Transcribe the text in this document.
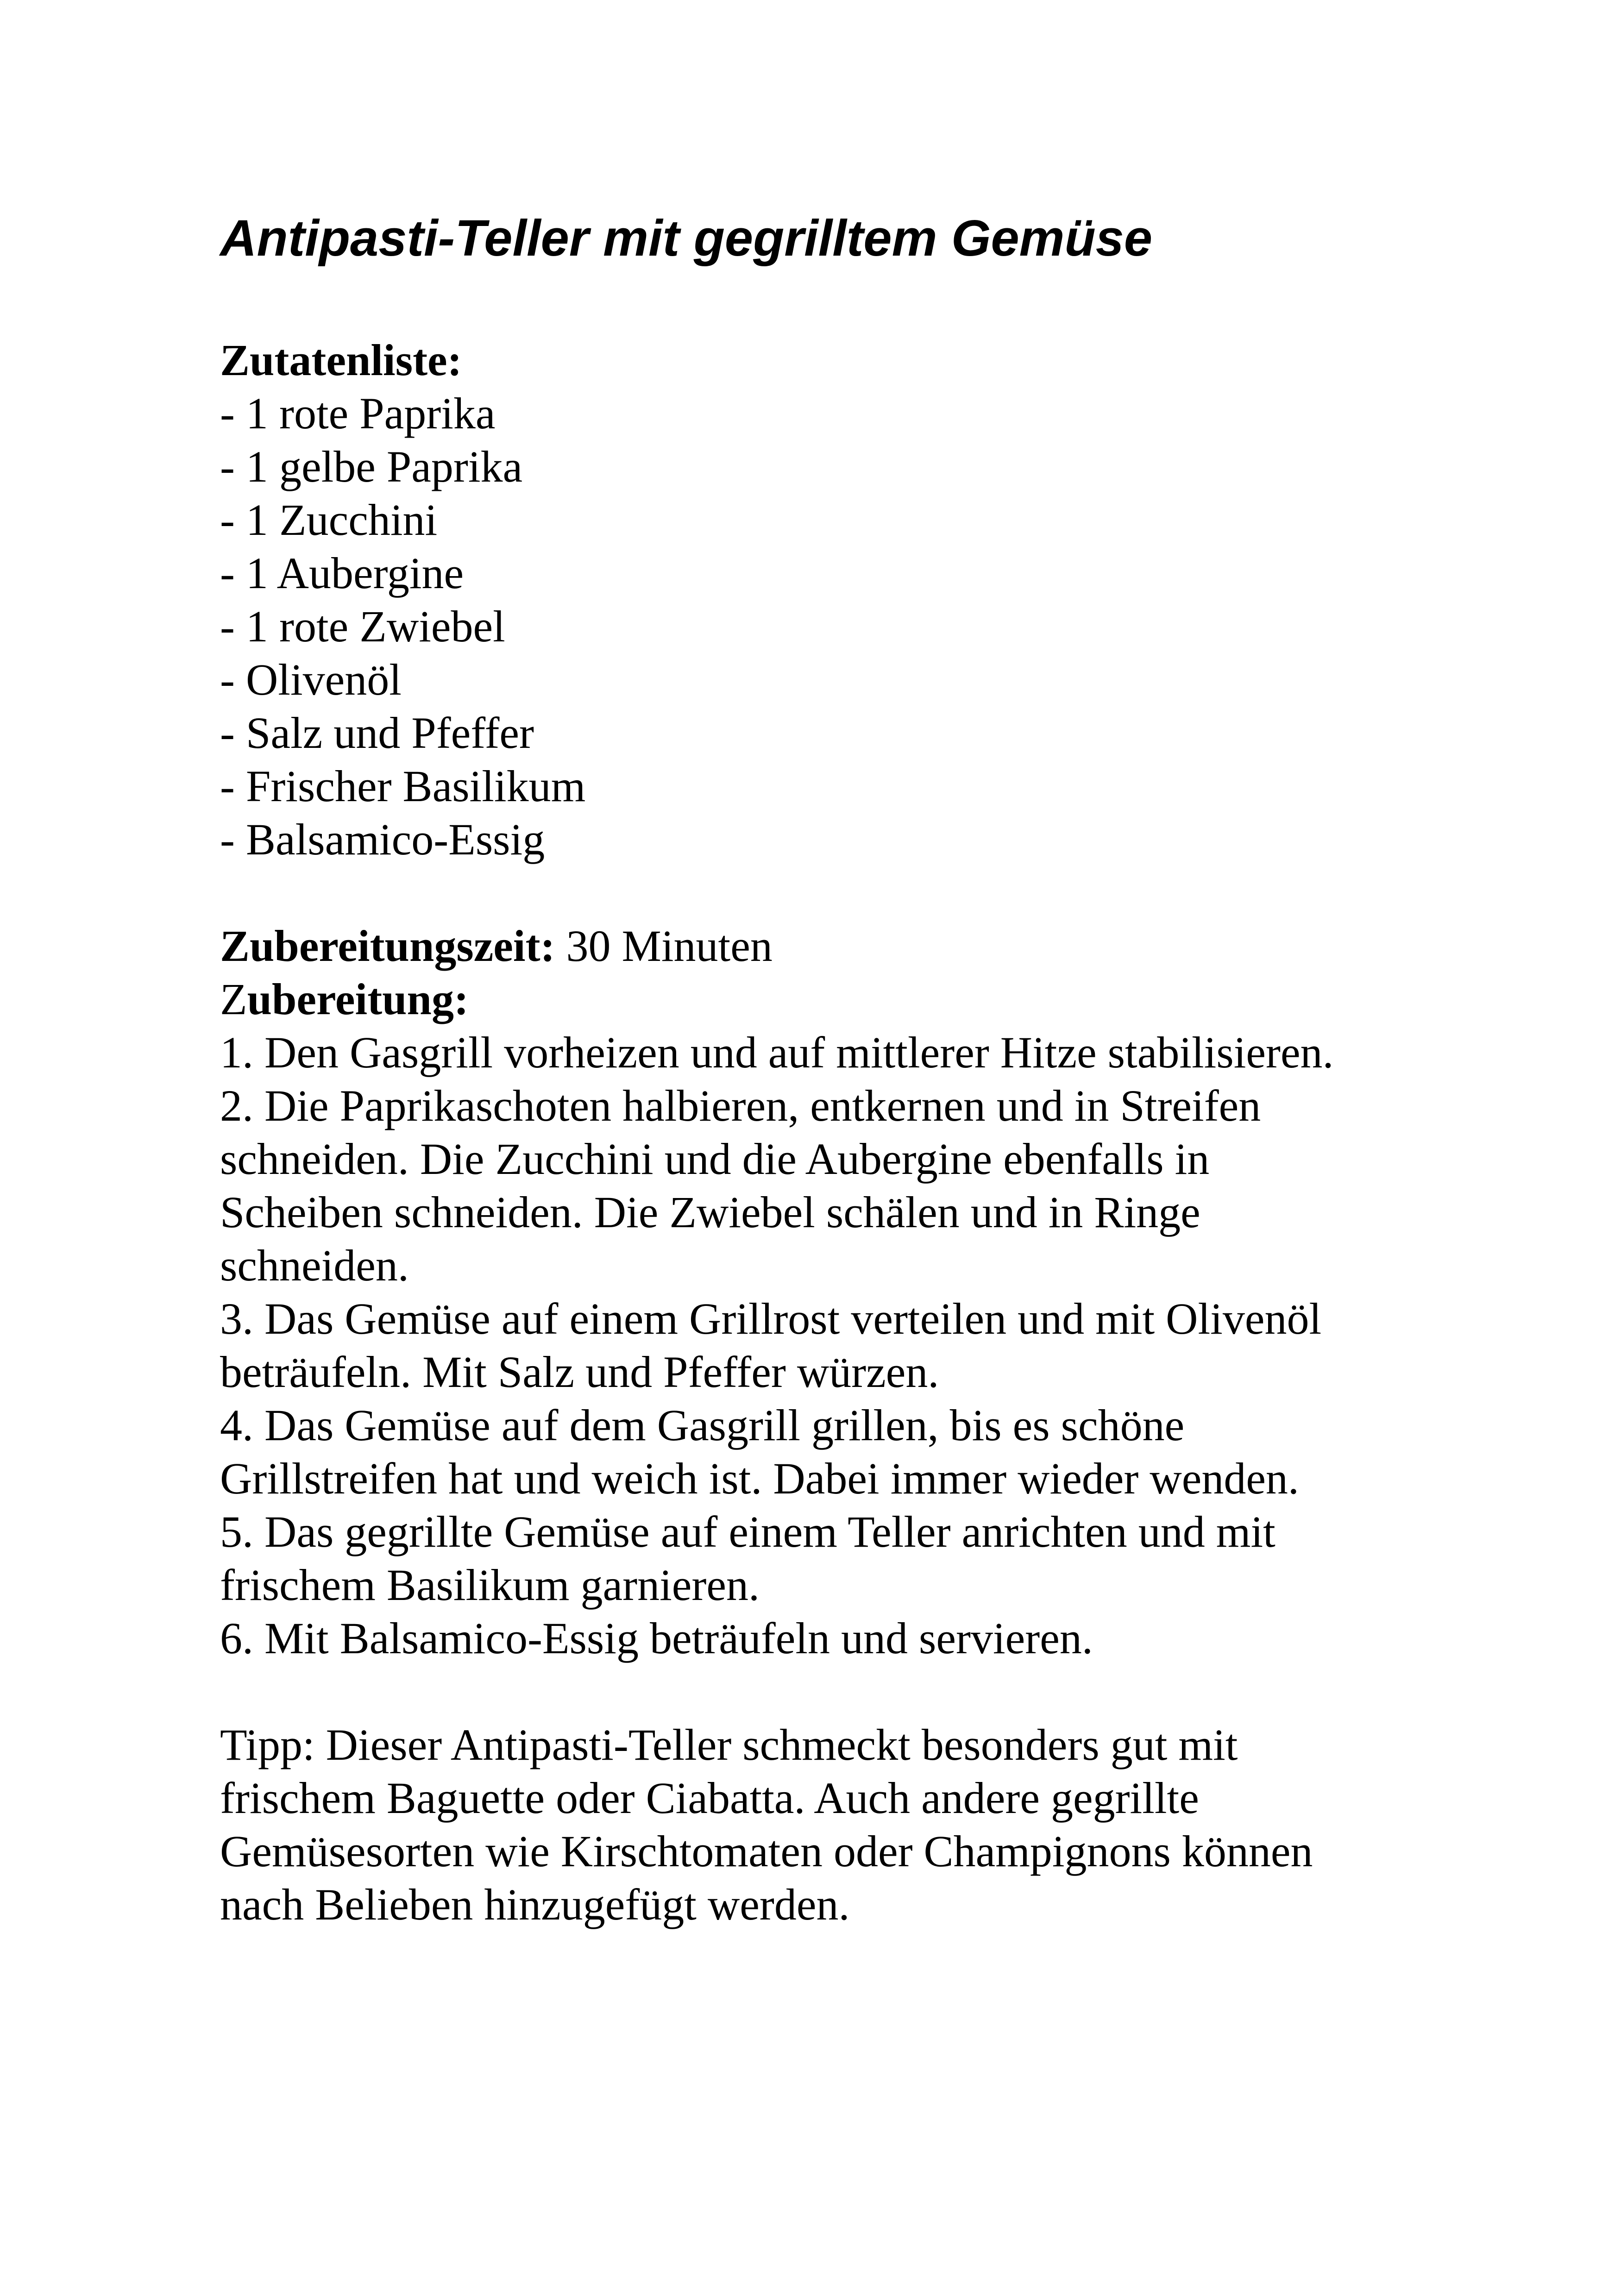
Antipasti-Teller mit gegrilltem Gemüse
Zutatenliste:
- 1 rote Paprika
- 1 gelbe Paprika
- 1 Zucchini
- 1 Aubergine
- 1 rote Zwiebel
- Olivenöl
- Salz und Pfeffer
- Frischer Basilikum
- Balsamico-Essig
Zubereitungszeit: 30 Minuten
Zubereitung:
1. Den Gasgrill vorheizen und auf mittlerer Hitze stabilisieren.
2. Die Paprikaschoten halbieren, entkernen und in Streifen
schneiden. Die Zucchini und die Aubergine ebenfalls in
Scheiben schneiden. Die Zwiebel schälen und in Ringe
schneiden.
3. Das Gemüse auf einem Grillrost verteilen und mit Olivenöl
beträufeln. Mit Salz und Pfeffer würzen.
4. Das Gemüse auf dem Gasgrill grillen, bis es schöne
Grillstreifen hat und weich ist. Dabei immer wieder wenden.
5. Das gegrillte Gemüse auf einem Teller anrichten und mit
frischem Basilikum garnieren.
6. Mit Balsamico-Essig beträufeln und servieren.

Tipp: Dieser Antipasti-Teller schmeckt besonders gut mit

frischem Baguette oder Ciabatta. Auch andere gegrillte

Gemüsesorten wie Kirschtomaten oder Champignons können

nach Belieben hinzugefügt werden.
